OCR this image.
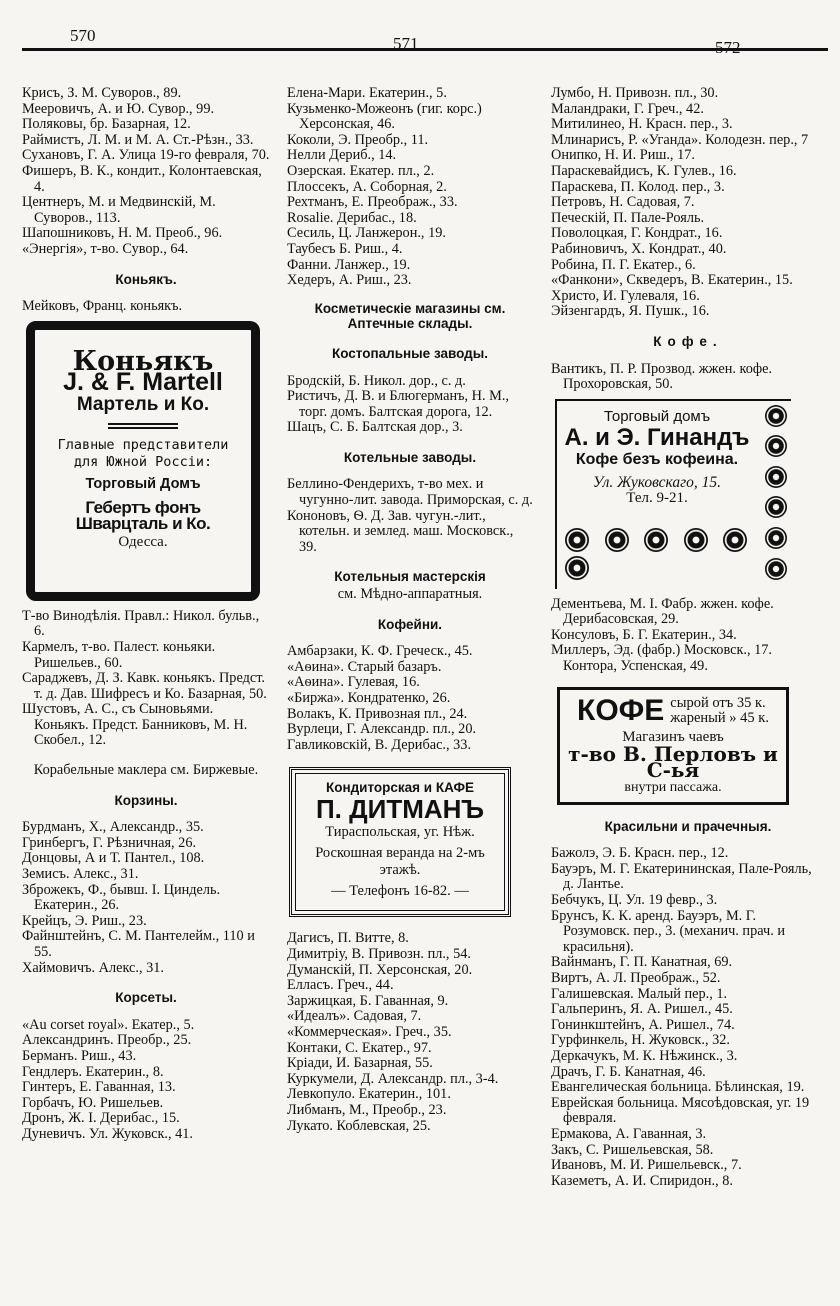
570	571	572
Крисъ, З. М. Суворов., 89.
Меeровичъ, А. и Ю. Сувор., 99.
Поляковы, бр. Базарная, 12.
Раймистъ, Л. М. и М. А. Ст.-Рѣзн., 33.
Сухановъ, Г. А. Улица 19-го февраля, 70.
Фишеръ, В. К., кондит., Колонтаевская, 4.
Центнеръ, М. и Медвинскій, М. Суворов., 113.
Шапошниковъ, Н. М. Преоб., 96.
«Энергія», т-во. Сувор., 64.
Коньякъ.
Мейковъ, Франц. коньякъ.
Коньякъ
J. & F. Martell
Мартель и Ко.
Главные представители
для Южной Россіи:
Торговый Домъ
Гебертъ фонъ Шварцталь и Ко.
Одесса.
Т-во Винодѣлія. Правл.: Никол. бульв., 6.
Кармелъ, т-во. Палест. коньяки. Ришельев., 60.
Сараджевъ, Д. З. Кавк. коньякъ. Предст. т. д. Дав. Шифресъ и Ко. Базарная, 50.
Шустовъ, А. С., съ Сыновьями. Коньякъ. Предст. Банниковъ, М. Н. Скобел., 12.
Корабельные маклера см. Биржевые.
Корзины.
Бурдманъ, Х., Александр., 35.
Гринбергъ, Г. Рѣзничная, 26.
Донцовы, А и Т. Пантел., 108.
Земисъ. Алекс., 31.
Зброжекъ, Ф., бывш. І. Циндель. Екатерин., 26.
Крейцъ, Э. Риш., 23.
Файнштейнъ, С. М. Пантелейм., 110 и 55.
Хаймовичъ. Алекс., 31.
Корсеты.
«Au corset royal». Екатер., 5.
Александринъ. Преобр., 25.
Берманъ. Риш., 43.
Гендлеръ. Екатерин., 8.
Гинтеръ, Е. Гаванная, 13.
Горбачъ, Ю. Ришельев.
Дронъ, Ж. І. Дерибас., 15.
Дуневичъ. Ул. Жуковск., 41.
Елена-Мари. Екатерин., 5.
Кузьменко-Можеонъ (гиг. корс.) Херсонская, 46.
Коколи, Э. Преобр., 11.
Нелли Дериб., 14.
Озерская. Екатер. пл., 2.
Плоссекъ, А. Соборная, 2.
Рехтманъ, Е. Преображ., 33.
Rosalie. Дерибас., 18.
Сесиль, Ц. Ланжерон., 19.
Таубесъ Б. Риш., 4.
Фанни. Ланжер., 19.
Хедеръ, А. Риш., 23.
Косметическіе магазины см. Аптечные склады.
Костопальные заводы.
Бродскій, Б. Никол. дор., с. д.
Ристичъ, Д. В. и Блюгерманъ, Н. М., торг. домъ. Балтская дорога, 12.
Шацъ, С. Б. Балтская дор., 3.
Котельные заводы.
Беллино-Фендерихъ, т-во мех. и чугунно-лит. завода. Приморская, с. д.
Кононовъ, Ѳ. Д. Зав. чугун.-лит., котельн. и землед. маш. Московск., 39.
Котельныя мастерскія
см. Мѣдно-аппаратныя.
Кофейни.
Амбарзаки, К. Ф. Греческ., 45.
«Аѳина». Старый базаръ.
«Аѳина». Гулевая, 16.
«Биржа». Кондратенко, 26.
Волакъ, К. Привозная пл., 24.
Вурлеци, Г. Александр. пл., 20.
Гавликовскій, В. Дерибас., 33.
Кондиторская и КАФЕ
П. ДИТМАНЪ
Тираспольская, уг. Нѣж.
Роскошная веранда на 2-мъ этажѣ.
— Телефонъ 16-82. —
Дагисъ, П. Витте, 8.
Димитріу, В. Привозн. пл., 54.
Думанскій, П. Херсонская, 20.
Елласъ. Греч., 44.
Заржицкая, Б. Гаванная, 9.
«Идеалъ». Садовая, 7.
«Коммерческая». Греч., 35.
Контаки, С. Екатер., 97.
Кріади, И. Базарная, 55.
Куркумели, Д. Александр. пл., 3-4.
Левкопуло. Екатерин., 101.
Либманъ, М., Преобр., 23.
Лукато. Коблевская, 25.
Лумбо, Н. Привозн. пл., 30.
Маландраки, Г. Греч., 42.
Митилинео, Н. Красн. пер., 3.
Млинарисъ, Р. «Уганда». Колодезн. пер., 7
Онипко, Н. И. Риш., 17.
Параскевайдисъ, К. Гулев., 16.
Параскева, П. Колод. пер., 3.
Петровъ, Н. Садовая, 7.
Печескій, П. Пале-Рояль.
Поволоцкая, Г. Кондрат., 16.
Рабиновичъ, Х. Кондрат., 40.
Робина, П. Г. Екатер., 6.
«Фанкони», Скведеръ, В. Екатерин., 15.
Христо, И. Гулеваля, 16.
Эйзенгардъ, Я. Пушк., 16.
Кофе.
Вантикъ, П. Р. Прозвод. жжен. кофе. Прохоровская, 50.
Торговый домъ
А. и Э. Гинандъ
Кофе безъ кофеина.
Ул. Жуковскаго, 15.
Тел. 9-21.

Дементьева, М. І. Фабр. жжен. кофе. Дерибасовская, 29.
Консуловъ, Б. Г. Екатерин., 34.
Миллеръ, Эд. (фабр.) Московск., 17. Контора, Успенская, 49.
КОФЕ сырой отъ 35 к.
жареный » 45 к.
Магазинъ чаевъ
т-во В. Перловъ и С-ья
внутри пассажа.
Красильни и прачечныя.
Бажолэ, Э. Б. Красн. пер., 12.
Бауэръ, М. Г. Екатерининская, Пале-Рояль, д. Лантье.
Бебчукъ, Ц. Ул. 19 февр., 3.
Брунсъ, К. К. аренд. Бауэръ, М. Г. Розумовск. пер., 3. (механич. прач. и красильня).
Вайнманъ, Г. П. Канатная, 69.
Виртъ, А. Л. Преображ., 52.
Галишевская. Малый пер., 1.
Гальперинъ, Я. А. Ришел., 45.
Гонинкштейнъ, А. Ришел., 74.
Гурфинкель, Н. Жуковск., 32.
Деркачукъ, М. К. Нѣжинск., 3.
Драчъ, Г. Б. Канатная, 46.
Евангелическая больница. Бѣлинская, 19.
Еврейская больница. Мясоѣдовская, уг. 19 февраля.
Ермакова, А. Гаванная, 3.
Закъ, С. Ришельевская, 58.
Ивановъ, М. И. Ришельевск., 7.
Каземетъ, А. И. Спиридон., 8.
